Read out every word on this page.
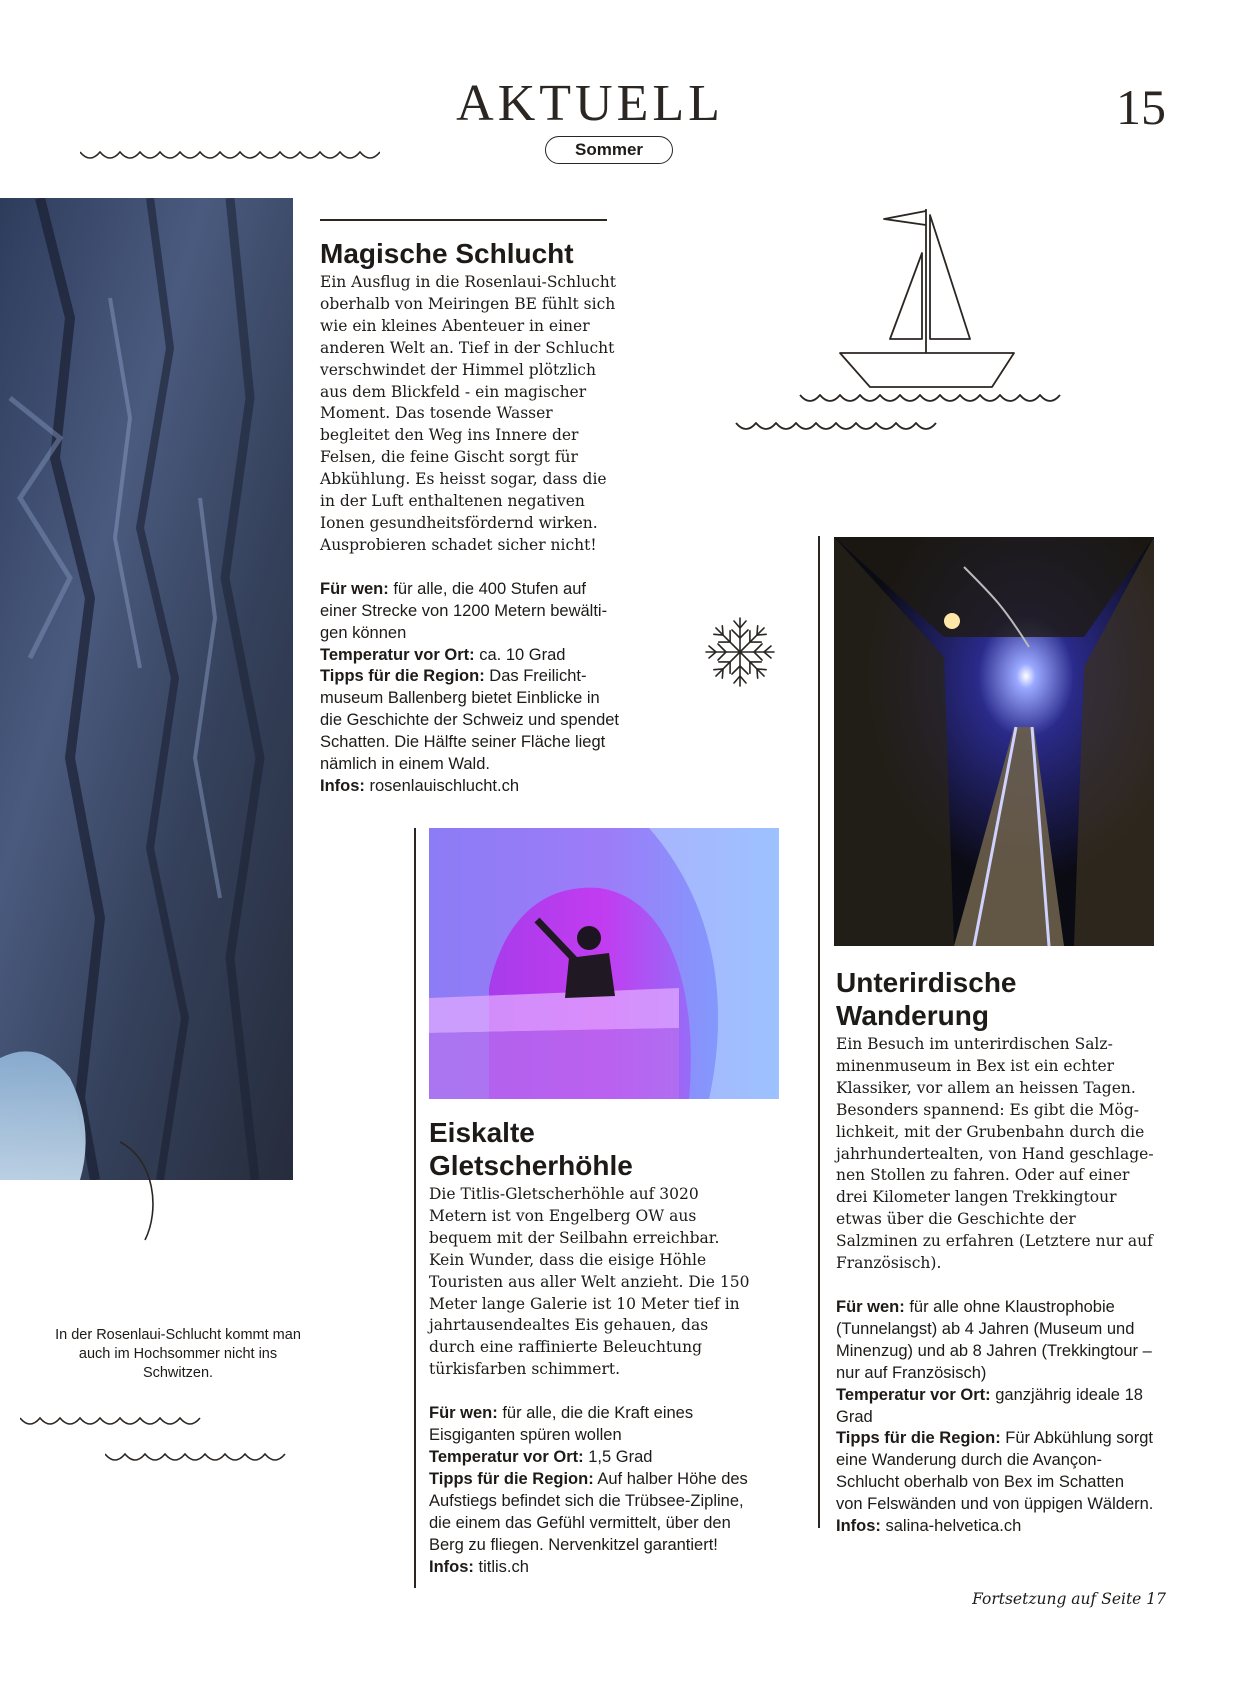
AKTUELL	15
Sommer
In der Rosenlaui-Schlucht kommt man auch im Hochsommer nicht ins Schwitzen.
Magische Schlucht

Ein Ausflug in die Rosenlaui-Schlucht oberhalb von Meiringen BE fühlt sich wie ein kleines Abenteuer in einer anderen Welt an. Tief in der Schlucht verschwindet der Himmel plötzlich aus dem Blickfeld - ein magischer Moment. Das tosende Wasser begleitet den Weg ins Innere der Felsen, die feine Gischt sorgt für Abkühlung. Es heisst sogar, dass die in der Luft enthaltenen negativen Ionen gesundheitsfördernd wirken. Ausprobieren schadet sicher nicht!

Für wen: für alle, die 400 Stufen auf einer Strecke von 1200 Metern bewältigen können

Temperatur vor Ort: ca. 10 Grad

Tipps für die Region: Das Freilichtmuseum Ballenberg bietet Einblicke in die Geschichte der Schweiz und spendet Schatten. Die Hälfte seiner Fläche liegt nämlich in einem Wald.

Infos: rosenlauischlucht.ch

Unterirdische
Wanderung

Ein Besuch im unterirdischen Salzminenmuseum in Bex ist ein echter Klassiker, vor allem an heissen Tagen. Besonders spannend: Es gibt die Möglichkeit, mit der Grubenbahn durch die jahrhundertealten, von Hand geschlagenen Stollen zu fahren. Oder auf einer drei Kilometer langen Trekkingtour etwas über die Geschichte der Salzminen zu erfahren (Letztere nur auf Französisch).

Für wen: für alle ohne Klaustrophobie (Tunnelangst) ab 4 Jahren (Museum und Minenzug) und ab 8 Jahren (Trekkingtour – nur auf Französisch)

Temperatur vor Ort: ganzjährig ideale 18 Grad

Tipps für die Region: Für Abkühlung sorgt eine Wanderung durch die Avançon-Schlucht oberhalb von Bex im Schatten von Felswänden und von üppigen Wäldern.

Infos: salina-helvetica.ch

Eiskalte
Gletscherhöhle

Die Titlis-Gletscherhöhle auf 3020 Metern ist von Engelberg OW aus bequem mit der Seilbahn erreichbar. Kein Wunder, dass die eisige Höhle Touristen aus aller Welt anzieht. Die 150 Meter lange Galerie ist 10 Meter tief in jahrtausendealtes Eis gehauen, das durch eine raffinierte Beleuchtung türkisfarben schimmert.

Für wen: für alle, die die Kraft eines Eisgiganten spüren wollen

Temperatur vor Ort: 1,5 Grad

Tipps für die Region: Auf halber Höhe des Aufstiegs befindet sich die Trübsee-Zipline, die einem das Gefühl vermittelt, über den Berg zu fliegen. Nervenkitzel garantiert!

Infos: titlis.ch

Fortsetzung auf Seite 17
